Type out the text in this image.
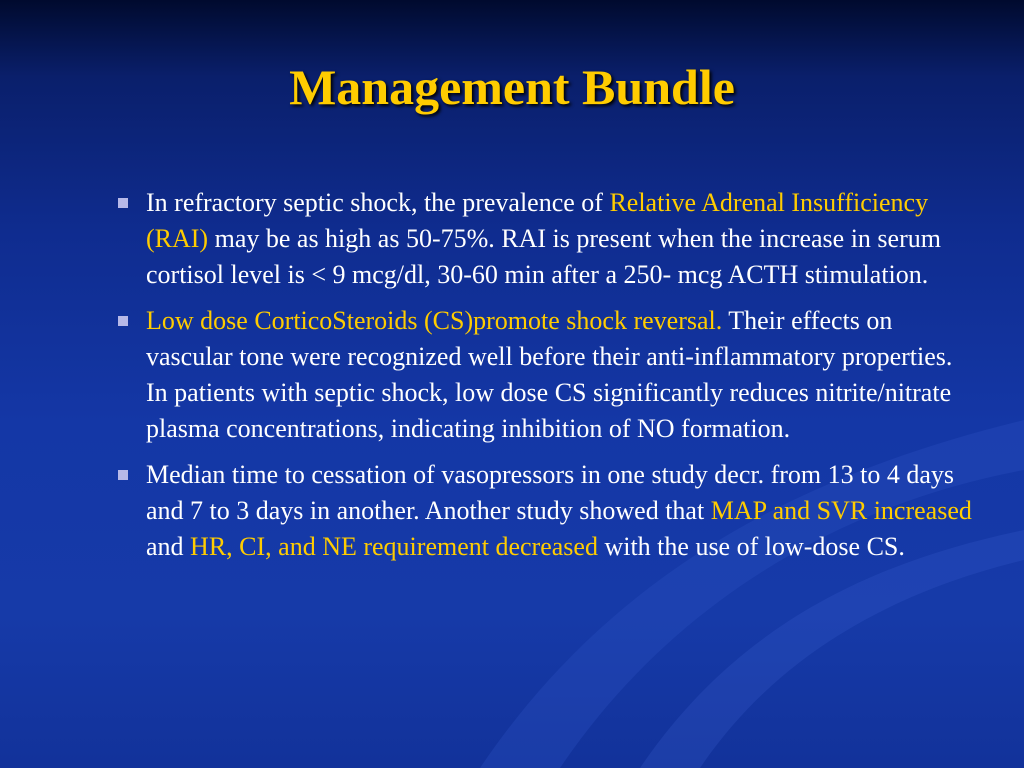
Management Bundle
In refractory septic shock, the prevalence of Relative Adrenal Insufficiency (RAI) may be as high as 50-75%. RAI is present when the increase in serum cortisol level is < 9 mcg/dl, 30-60 min after a 250- mcg ACTH stimulation.
Low dose CorticoSteroids (CS)promote shock reversal. Their effects on vascular tone were recognized well before their anti-inflammatory properties. In patients with septic shock, low dose CS significantly reduces nitrite/nitrate plasma concentrations, indicating inhibition of NO formation.
Median time to cessation of vasopressors in one study decr. from 13 to 4 days and 7 to 3 days in another. Another study showed that MAP and SVR increased and HR, CI, and NE requirement decreased with the use of low-dose CS.
